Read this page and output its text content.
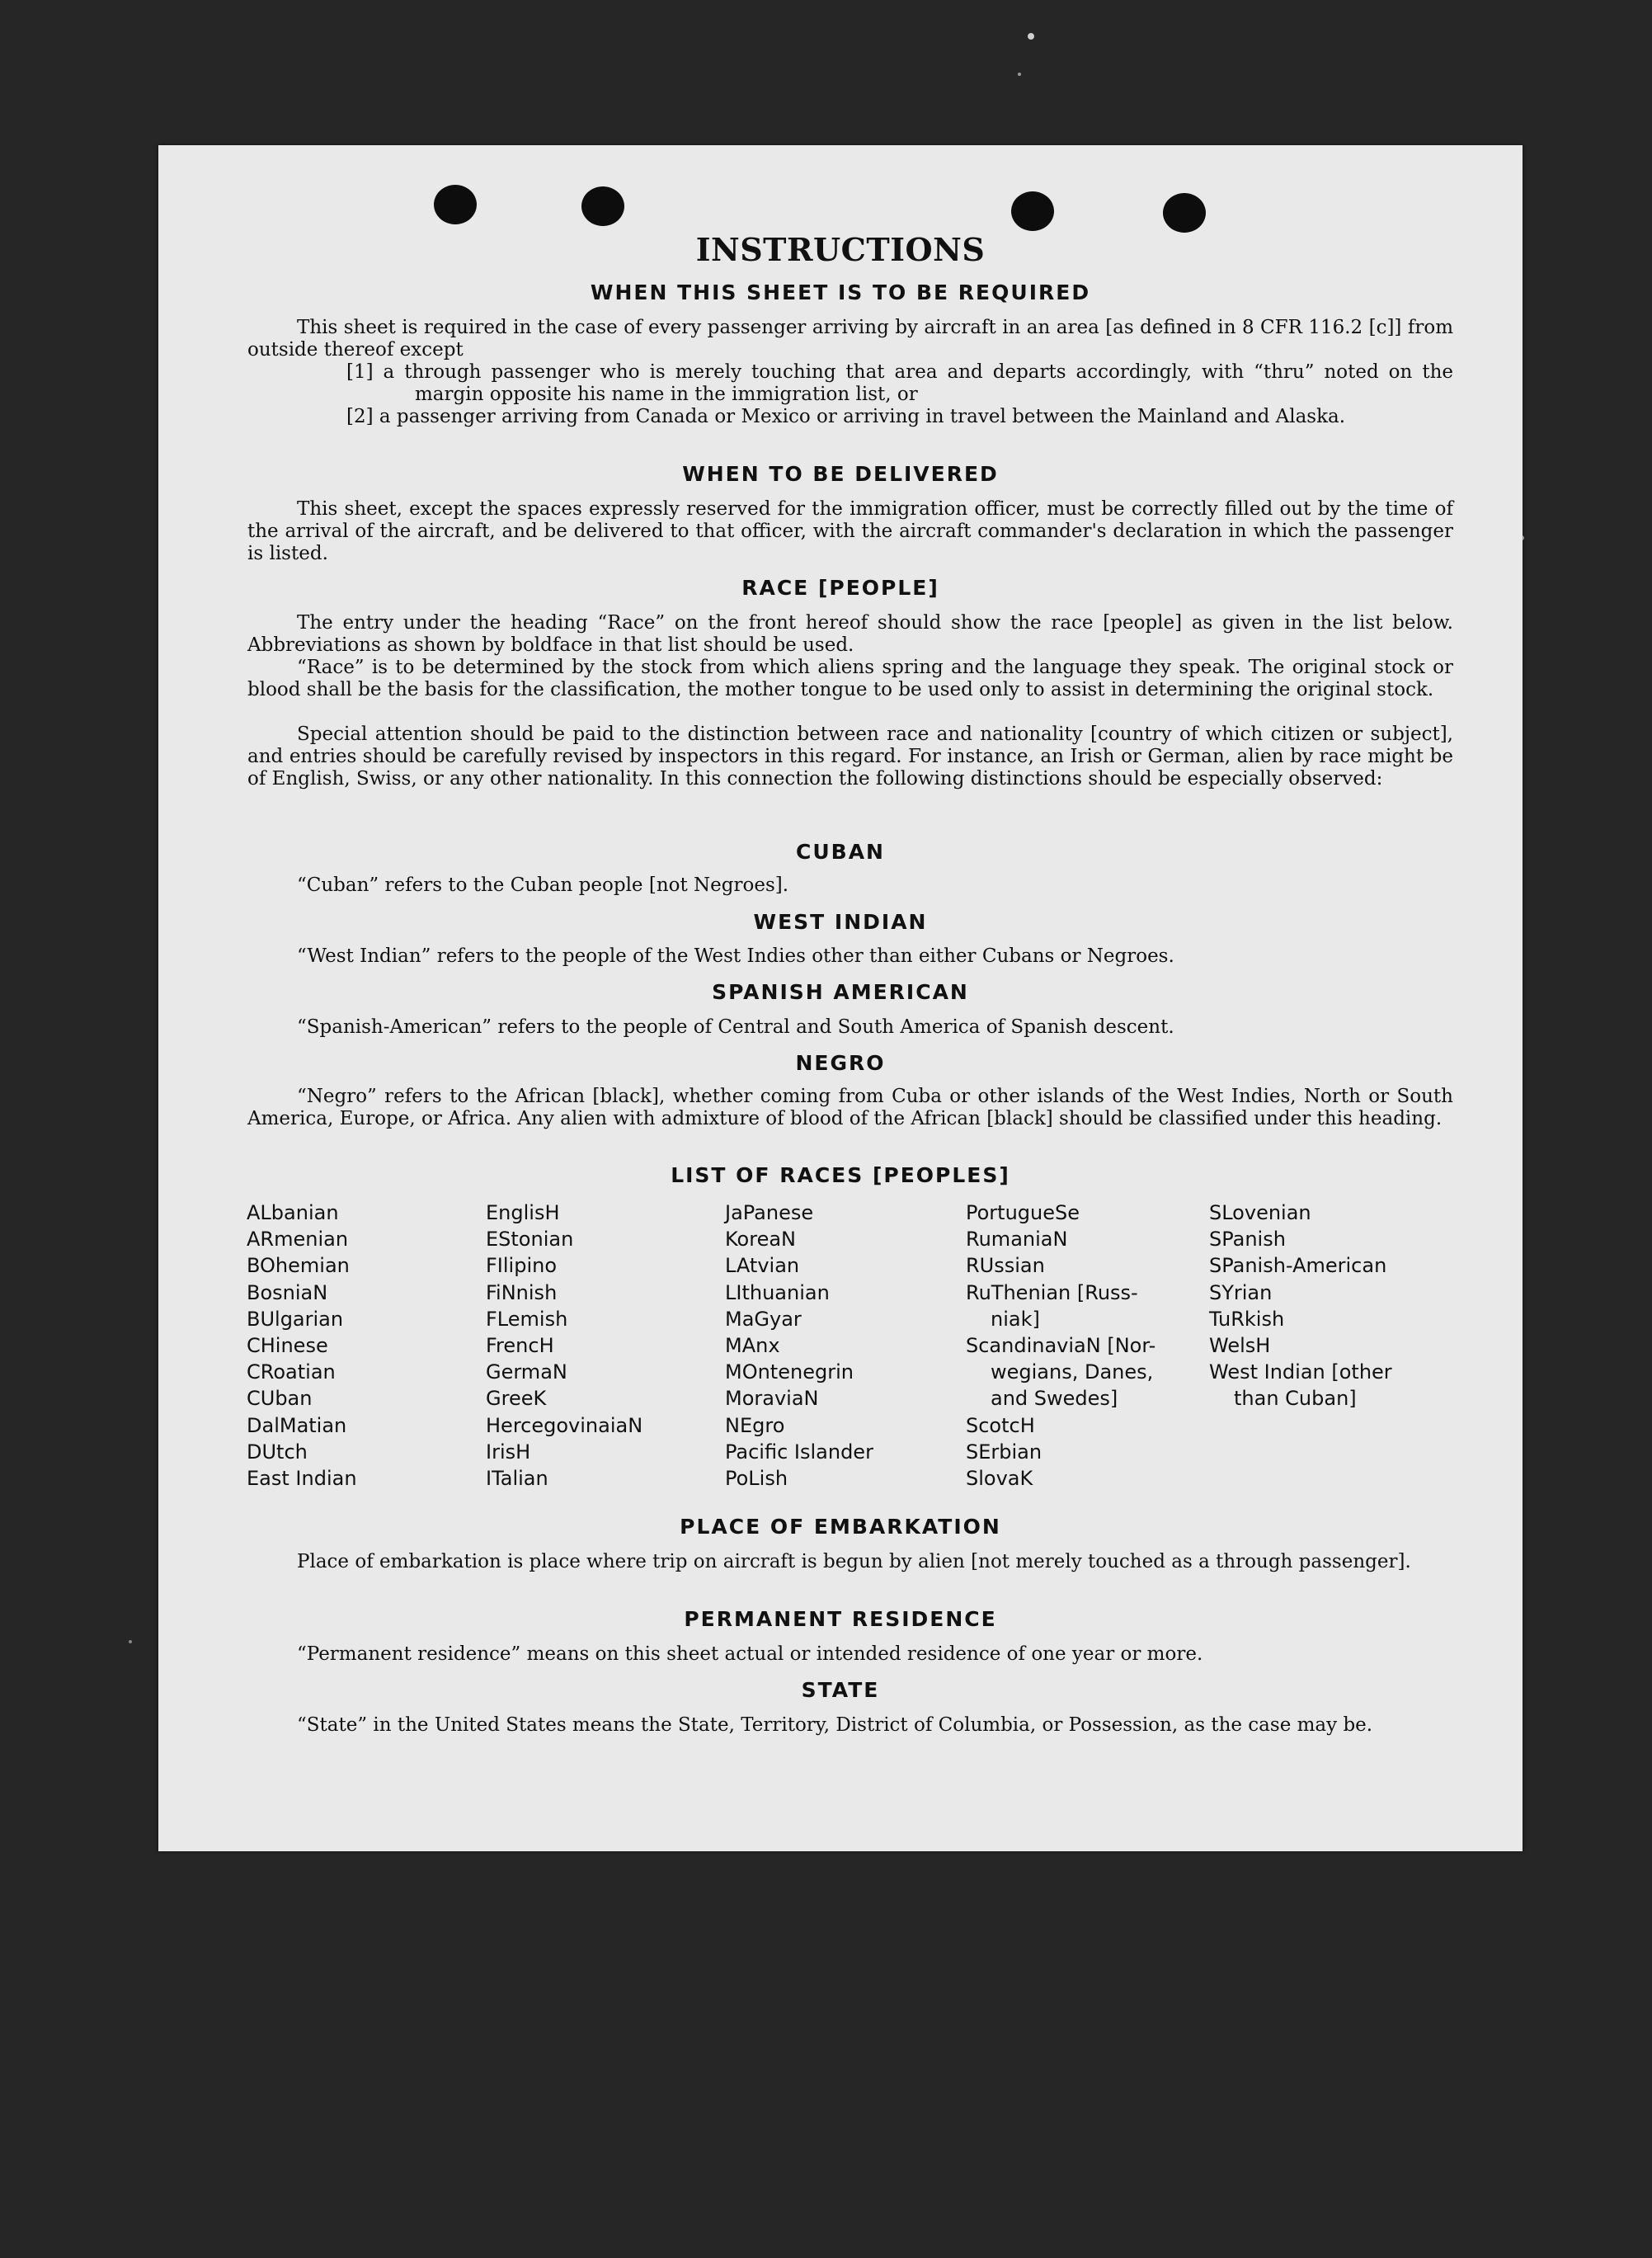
INSTRUCTIONS
WHEN THIS SHEET IS TO BE REQUIRED
This sheet is required in the case of every passenger arriving by aircraft in an area [as defined in 8 CFR 116.2 [c]] from outside thereof except
[1] a through passenger who is merely touching that area and departs accordingly, with “thru” noted on the margin opposite his name in the immigration list, or
[2] a passenger arriving from Canada or Mexico or arriving in travel between the Mainland and Alaska.
WHEN TO BE DELIVERED
This sheet, except the spaces expressly reserved for the immigration officer, must be correctly filled out by the time of the arrival of the aircraft, and be delivered to that officer, with the aircraft commander's declaration in which the passenger is listed.
RACE [PEOPLE]
The entry under the heading “Race” on the front hereof should show the race [people] as given in the list below. Abbreviations as shown by boldface in that list should be used.
“Race” is to be determined by the stock from which aliens spring and the language they speak. The original stock or blood shall be the basis for the classification, the mother tongue to be used only to assist in determining the original stock.
Special attention should be paid to the distinction between race and nationality [country of which citizen or subject], and entries should be carefully revised by inspectors in this regard. For instance, an Irish or German, alien by race might be of English, Swiss, or any other nationality. In this connection the following distinctions should be especially observed:
CUBAN
“Cuban” refers to the Cuban people [not Negroes].
WEST INDIAN
“West Indian” refers to the people of the West Indies other than either Cubans or Negroes.
SPANISH AMERICAN
“Spanish-American” refers to the people of Central and South America of Spanish descent.
NEGRO
“Negro” refers to the African [black], whether coming from Cuba or other islands of the West Indies, North or South America, Europe, or Africa. Any alien with admixture of blood of the African [black] should be classified under this heading.
LIST OF RACES [PEOPLES]
ALbanian
ARmenian
BOhemian
BosniaN
BUlgarian
CHinese
CRoatian
CUban
DalMatian
DUtch
East Indian
EnglisH
EStonian
FIlipino
FiNnish
FLemish
FrencH
GermaN
GreeK
HercegovinaiaN
IrisH
ITalian
JaPanese
KoreaN
LAtvian
LIthuanian
MaGyar
MAnx
MOntenegrin
MoraviaN
NEgro
Pacific Islander
PoLish
PortugueSe
RumaniaN
RUssian
RuThenian [Russ-
niak]
ScandinaviaN [Nor-
wegians, Danes,
and Swedes]
ScotcH
SErbian
SlovaK
SLovenian
SPanish
SPanish-American
SYrian
TuRkish
WelsH
West Indian [other
than Cuban]
PLACE OF EMBARKATION
Place of embarkation is place where trip on aircraft is begun by alien [not merely touched as a through passenger].
PERMANENT RESIDENCE
“Permanent residence” means on this sheet actual or intended residence of one year or more.
STATE
“State” in the United States means the State, Territory, District of Columbia, or Possession, as the case may be.
